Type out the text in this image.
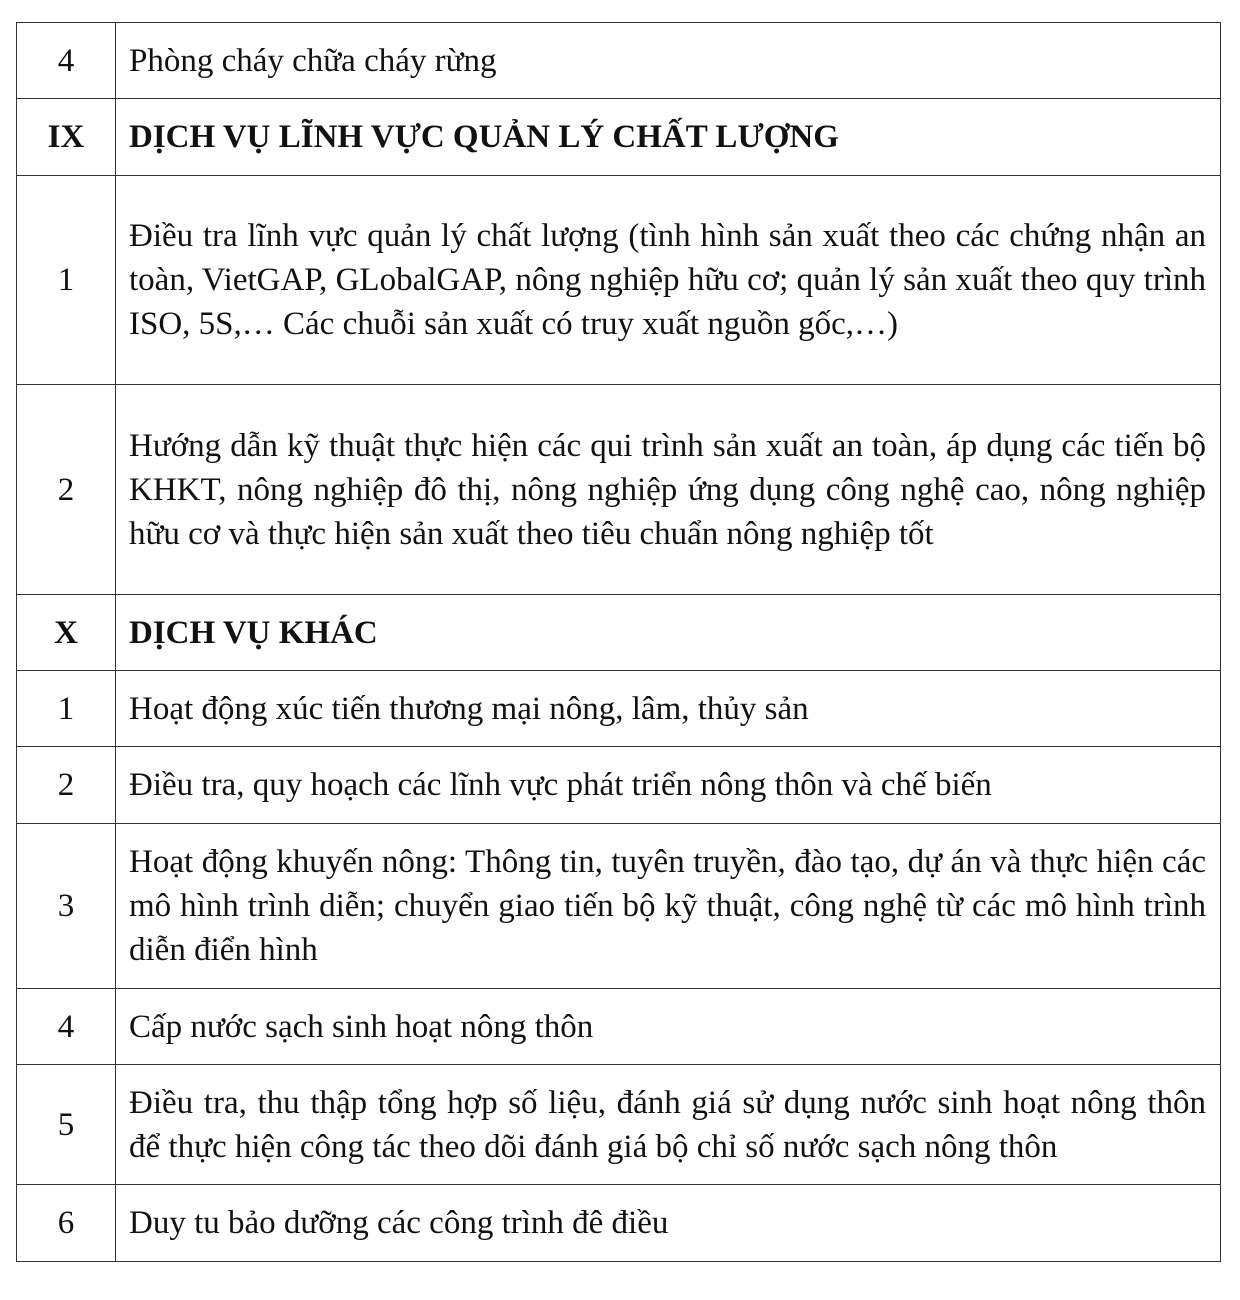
4	Phòng cháy chữa cháy rừng
IX	DỊCH VỤ LĨNH VỰC QUẢN LÝ CHẤT LƯỢNG
1	Điều tra lĩnh vực quản lý chất lượng (tình hình sản xuất theo các chứng nhận an toàn, VietGAP, GLobalGAP, nông nghiệp hữu cơ; quản lý sản xuất theo quy trình ISO, 5S,… Các chuỗi sản xuất có truy xuất nguồn gốc,…)
2	Hướng dẫn kỹ thuật thực hiện các qui trình sản xuất an toàn, áp dụng các tiến bộ KHKT, nông nghiệp đô thị, nông nghiệp ứng dụng công nghệ cao, nông nghiệp hữu cơ và thực hiện sản xuất theo tiêu chuẩn nông nghiệp tốt
X	DỊCH VỤ KHÁC
1	Hoạt động xúc tiến thương mại nông, lâm, thủy sản
2	Điều tra, quy hoạch các lĩnh vực phát triển nông thôn và chế biến
3	Hoạt động khuyến nông: Thông tin, tuyên truyền, đào tạo, dự án và thực hiện các mô hình trình diễn; chuyển giao tiến bộ kỹ thuật, công nghệ từ các mô hình trình diễn điển hình
4	Cấp nước sạch sinh hoạt nông thôn
5	Điều tra, thu thập tổng hợp số liệu, đánh giá sử dụng nước sinh hoạt nông thôn để thực hiện công tác theo dõi đánh giá bộ chỉ số nước sạch nông thôn
6	Duy tu bảo dưỡng các công trình đê điều
